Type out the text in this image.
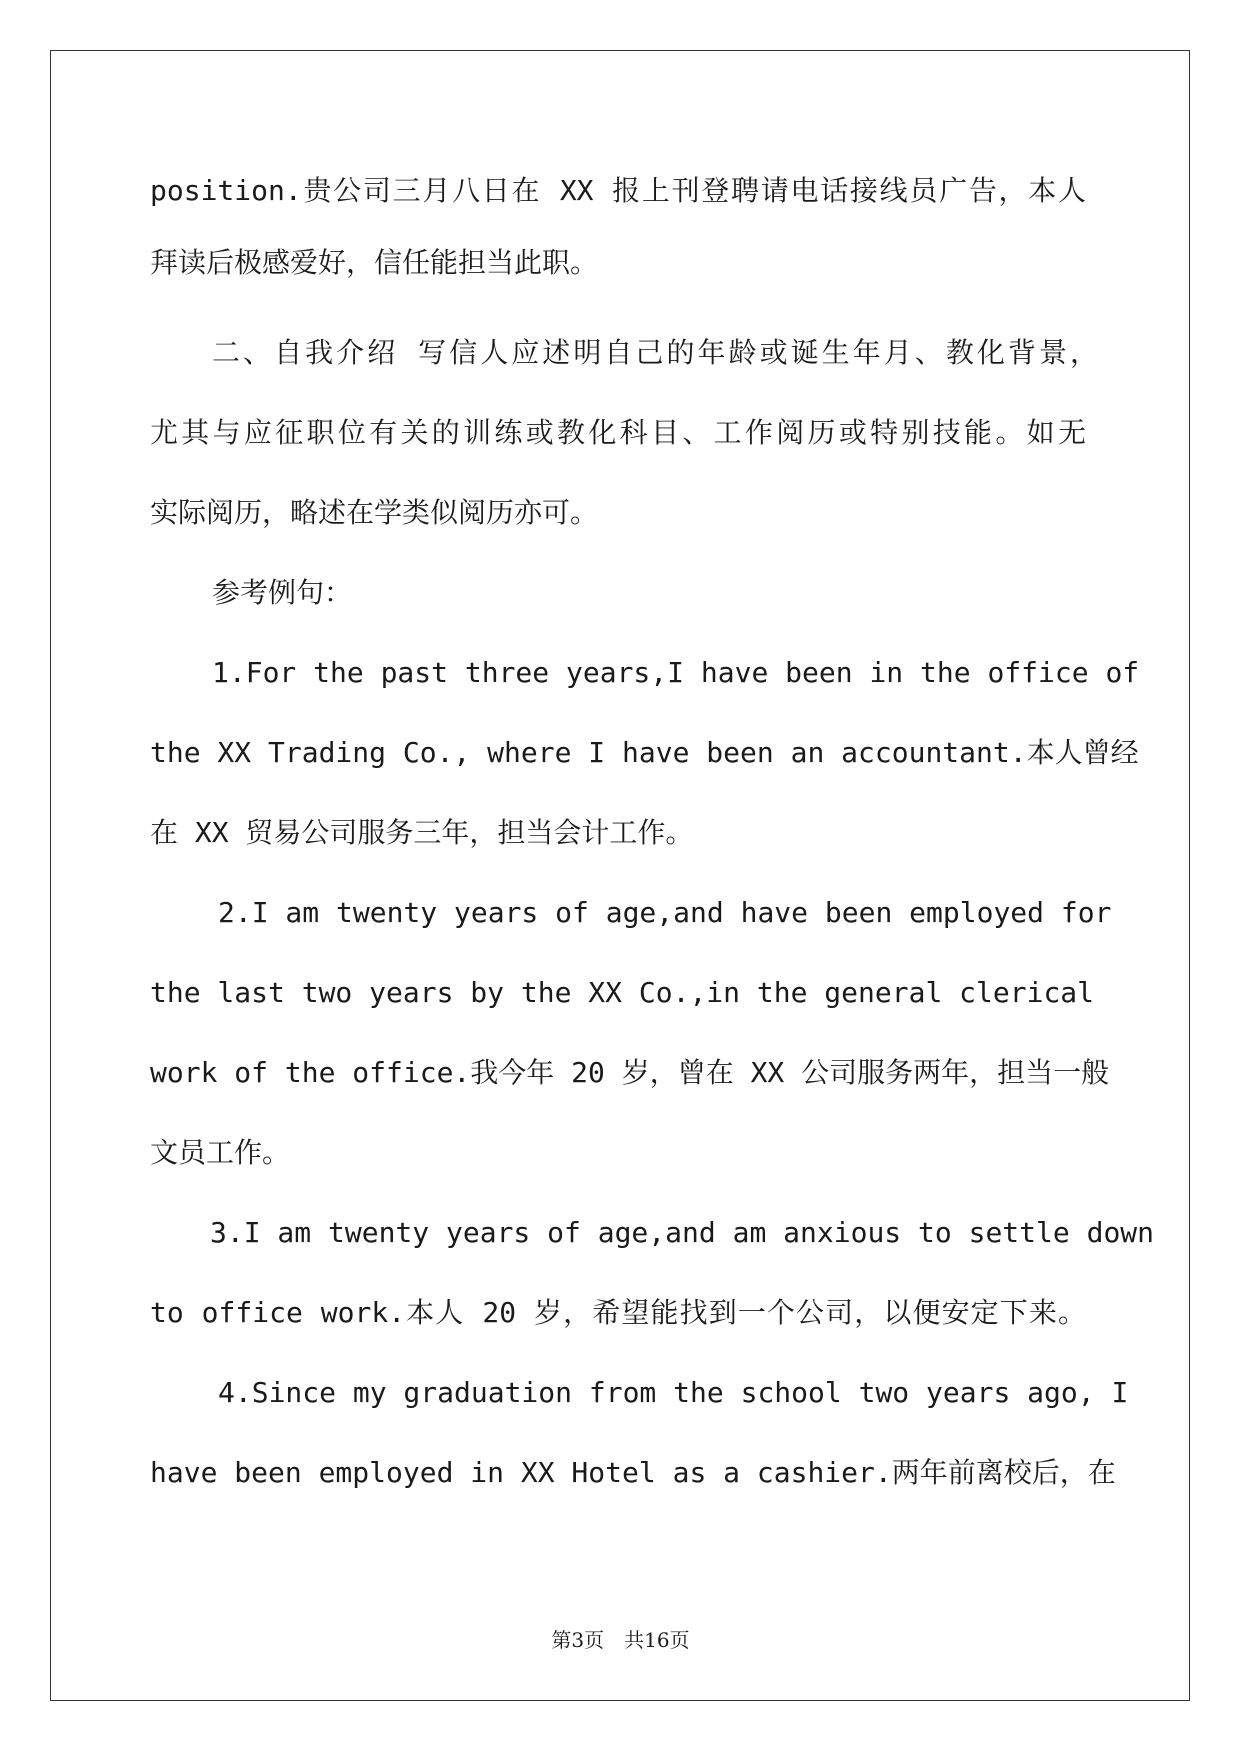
position.贵公司三月八日在 XX 报上刊登聘请电话接线员广告，本人

拜读后极感爱好，信任能担当此职。

二、自我介绍 写信人应述明自己的年龄或诞生年月、教化背景，

尤其与应征职位有关的训练或教化科目、工作阅历或特别技能。如无

实际阅历，略述在学类似阅历亦可。

参考例句：

1.For the past three years,I have been in the office of

the XX Trading Co., where I have been an accountant.本人曾经

在 XX 贸易公司服务三年，担当会计工作。

2.I am twenty years of age,and have been employed for

the last two years by the XX Co.,in the general clerical

work of the office.我今年 20 岁，曾在 XX 公司服务两年，担当一般

文员工作。

3.I am twenty years of age,and am anxious to settle down

to office work.本人 20 岁，希望能找到一个公司，以便安定下来。

4.Since my graduation from the school two years ago, I

have been employed in XX Hotel as a cashier.两年前离校后，在

第3页 共16页
